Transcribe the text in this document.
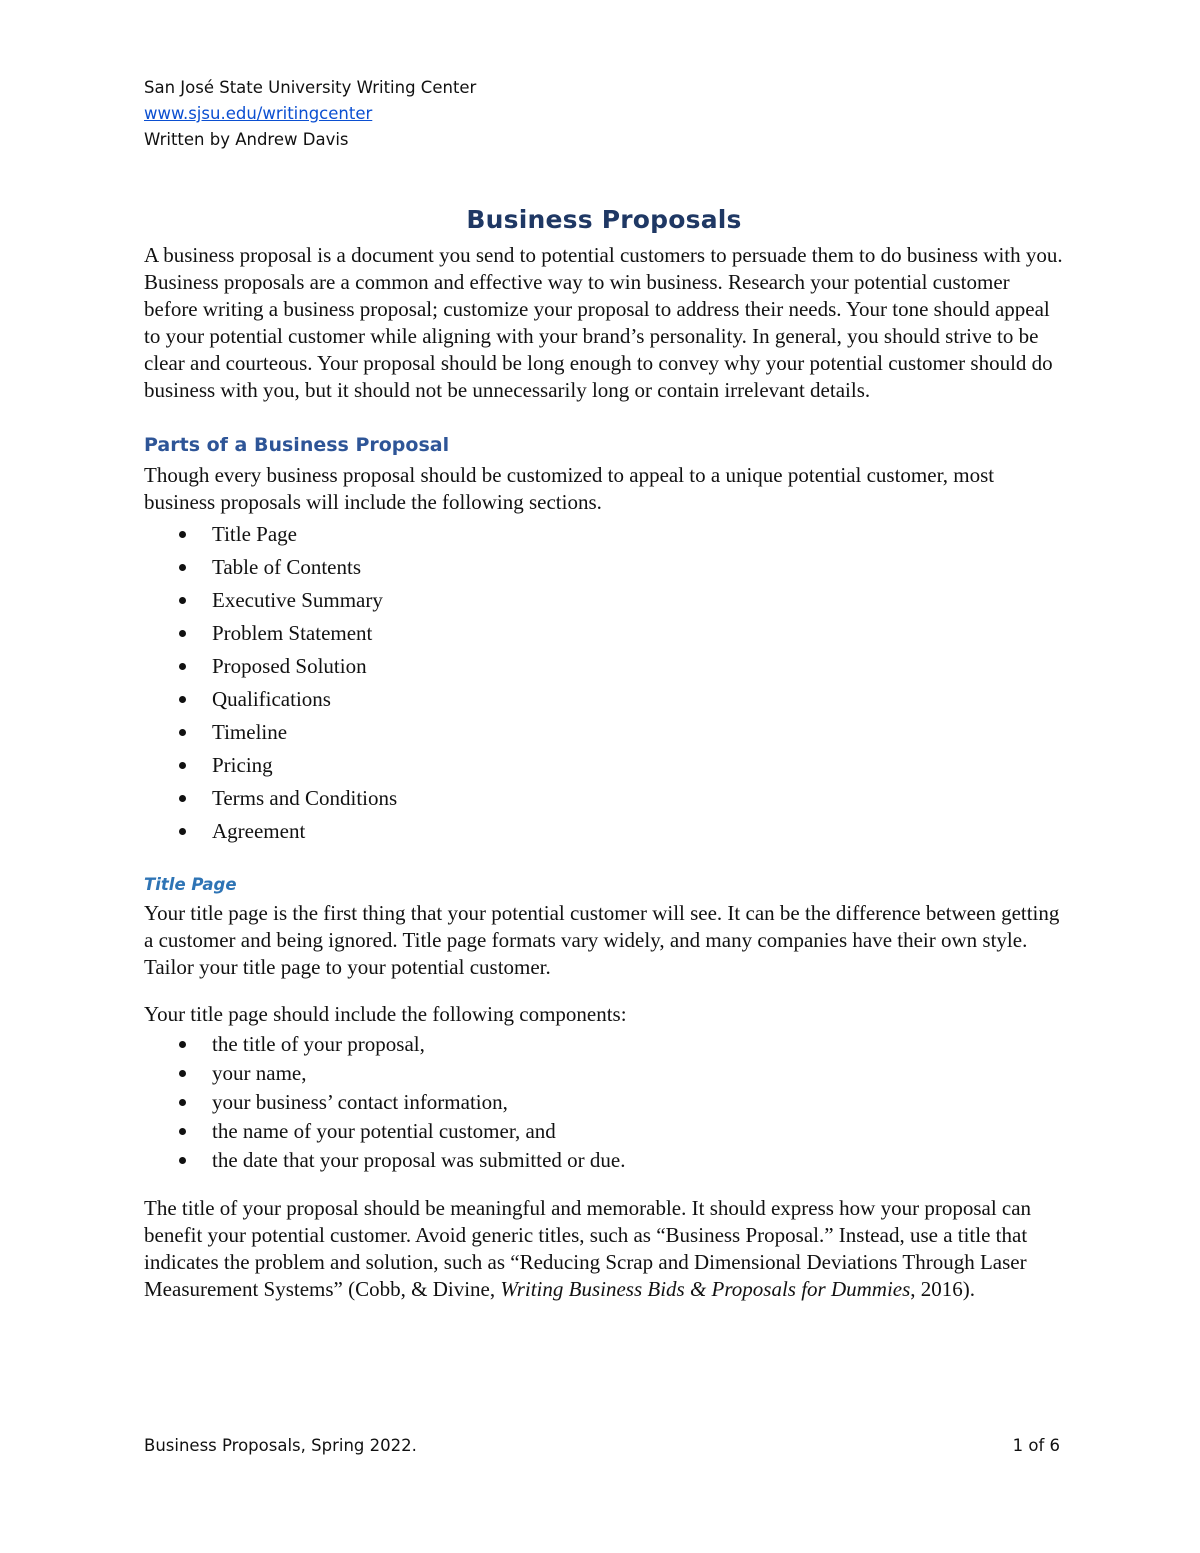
San José State University Writing Center
www.sjsu.edu/writingcenter
Written by Andrew Davis
Business Proposals

A business proposal is a document you send to potential customers to persuade them to do business with you. Business proposals are a common and effective way to win business. Research your potential customer before writing a business proposal; customize your proposal to address their needs. Your tone should appeal to your potential customer while aligning with your brand’s personality. In general, you should strive to be clear and courteous. Your proposal should be long enough to convey why your potential customer should do business with you, but it should not be unnecessarily long or contain irrelevant details.

Parts of a Business Proposal

Though every business proposal should be customized to appeal to a unique potential customer, most business proposals will include the following sections.

Title Page
Table of Contents
Executive Summary
Problem Statement
Proposed Solution
Qualifications
Timeline
Pricing
Terms and Conditions
Agreement
Title Page

Your title page is the first thing that your potential customer will see. It can be the difference between getting a customer and being ignored. Title page formats vary widely, and many companies have their own style. Tailor your title page to your potential customer.

Your title page should include the following components:

the title of your proposal,
your name,
your business’ contact information,
the name of your potential customer, and
the date that your proposal was submitted or due.

The title of your proposal should be meaningful and memorable. It should express how your proposal can benefit your potential customer. Avoid generic titles, such as “Business Proposal.” Instead, use a title that indicates the problem and solution, such as “Reducing Scrap and Dimensional Deviations Through Laser Measurement Systems” (Cobb, & Divine, Writing Business Bids & Proposals for Dummies, 2016).

Business Proposals, Spring 2022.	1 of 6
